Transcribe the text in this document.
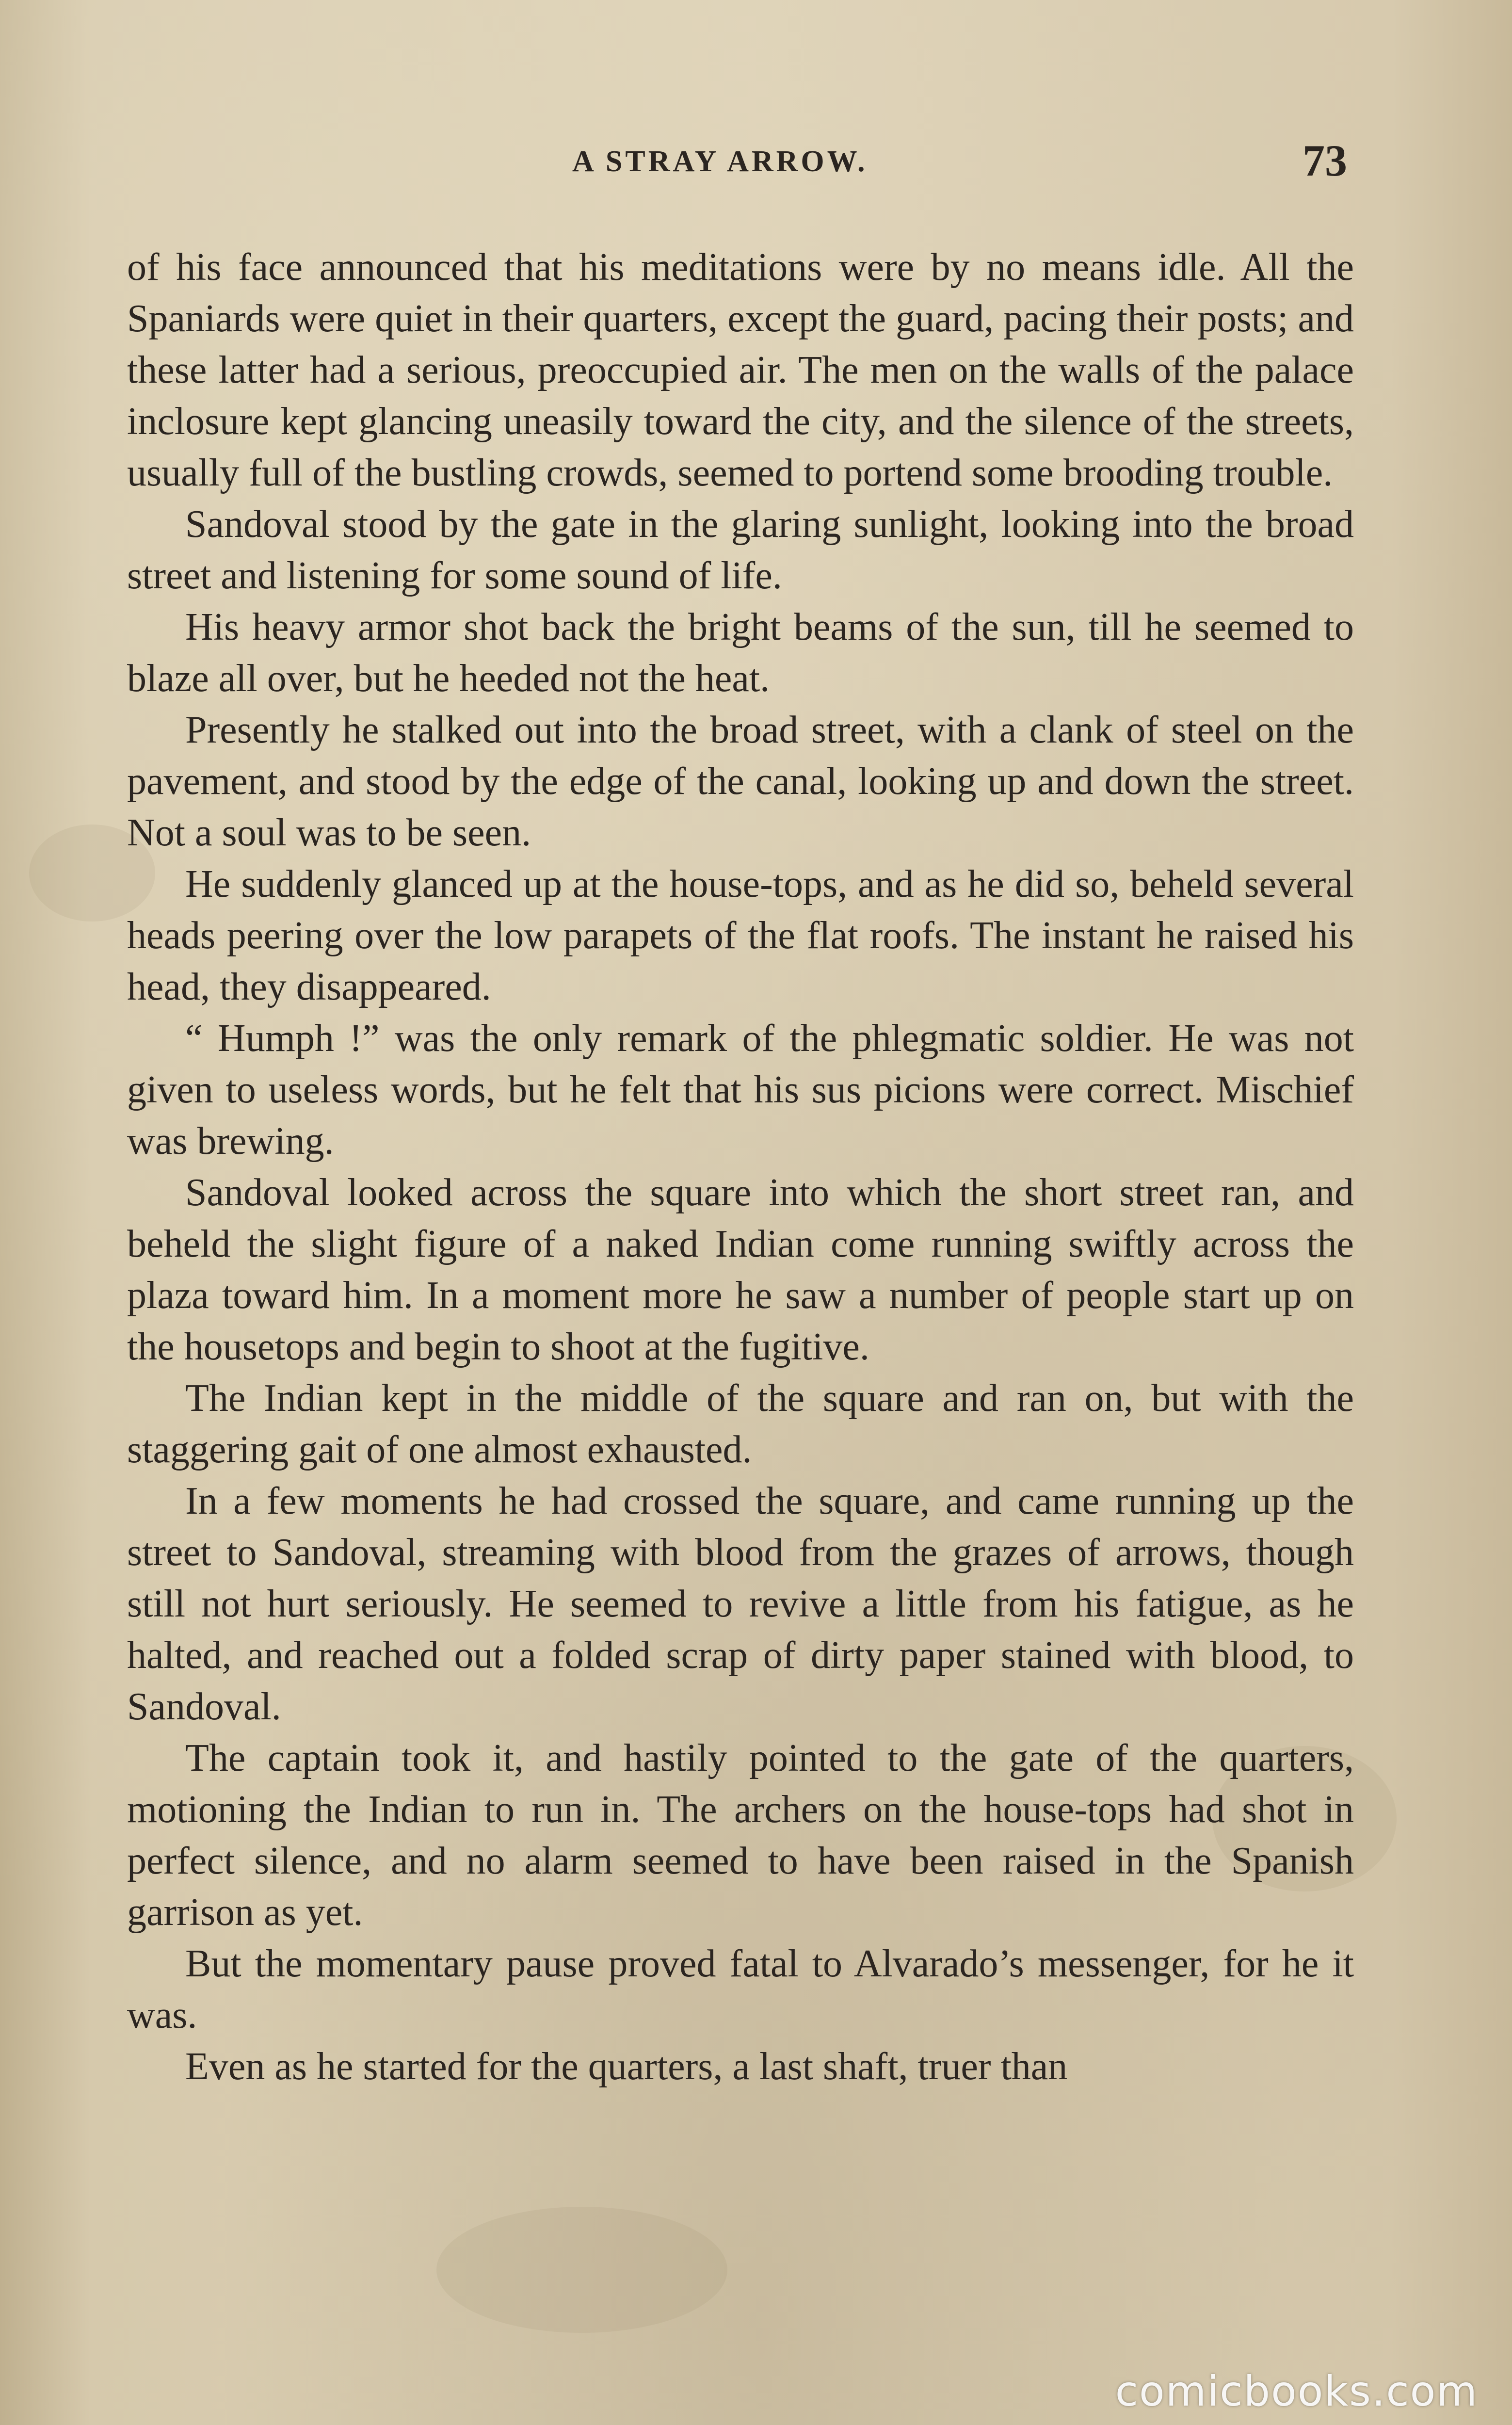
A STRAY ARROW.	73

of his face announced that his meditations were by no means idle. All the Spaniards were quiet in their quarters, except the guard, pacing their posts; and these latter had a serious, preoccupied air. The men on the walls of the palace inclosure kept glancing uneasily toward the city, and the silence of the streets, usually full of the bustling crowds, seemed to portend some brooding trouble.

Sandoval stood by the gate in the glaring sunlight, looking into the broad street and listening for some sound of life.

His heavy armor shot back the bright beams of the sun, till he seemed to blaze all over, but he heeded not the heat.

Presently he stalked out into the broad street, with a clank of steel on the pavement, and stood by the edge of the canal, looking up and down the street. Not a soul was to be seen.

He suddenly glanced up at the house-tops, and as he did so, beheld several heads peering over the low parapets of the flat roofs. The instant he raised his head, they disappeared.

“ Humph !” was the only remark of the phlegmatic soldier. He was not given to useless words, but he felt that his sus picions were correct. Mischief was brewing.

Sandoval looked across the square into which the short street ran, and beheld the slight figure of a naked Indian come running swiftly across the plaza toward him. In a moment more he saw a number of people start up on the housetops and begin to shoot at the fugitive.

The Indian kept in the middle of the square and ran on, but with the staggering gait of one almost exhausted.

In a few moments he had crossed the square, and came running up the street to Sandoval, streaming with blood from the grazes of arrows, though still not hurt seriously. He seemed to revive a little from his fatigue, as he halted, and reached out a folded scrap of dirty paper stained with blood, to Sandoval.

The captain took it, and hastily pointed to the gate of the quarters, motioning the Indian to run in. The archers on the house-tops had shot in perfect silence, and no alarm seemed to have been raised in the Spanish garrison as yet.

But the momentary pause proved fatal to Alvarado’s messenger, for he it was.

Even as he started for the quarters, a last shaft, truer than

comicbooks.com
